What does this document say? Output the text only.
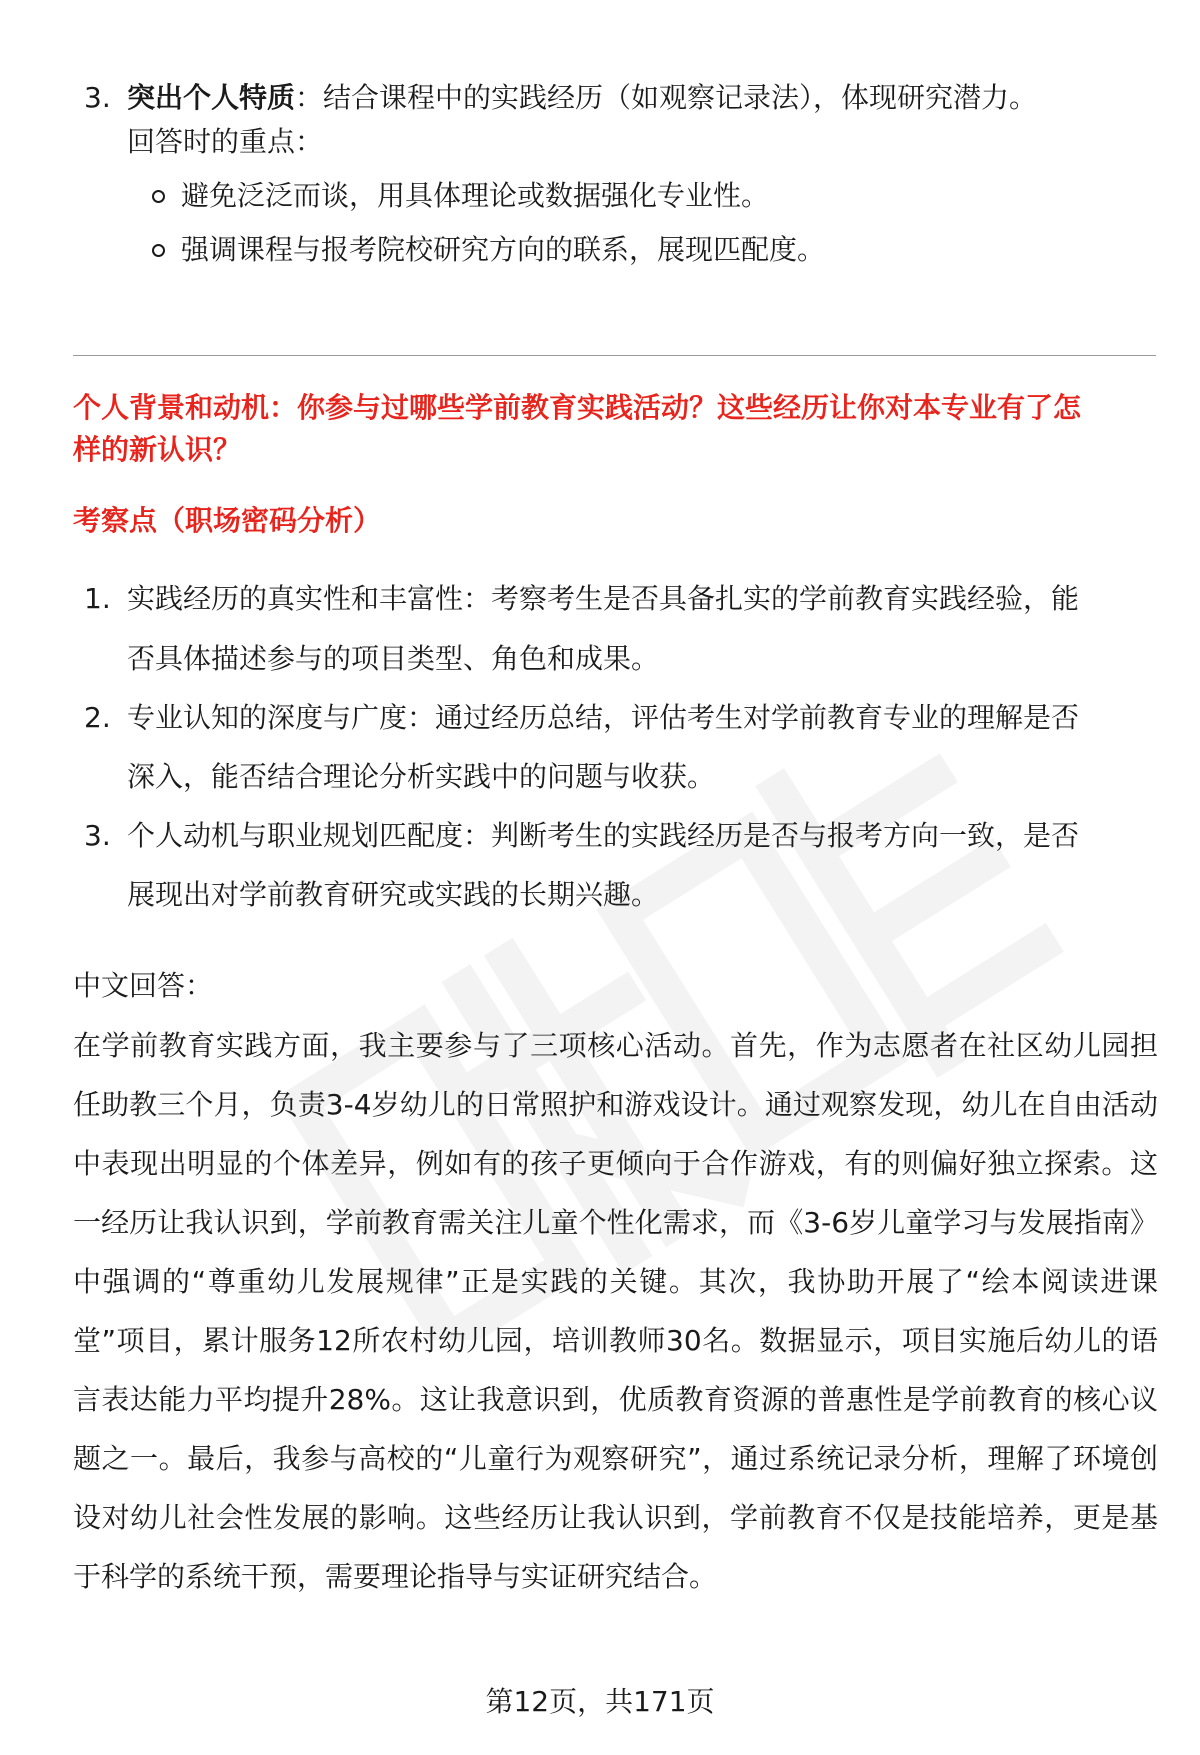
3. 突出个人特质：结合课程中的实践经历（如观察记录法），体现研究潜力。
回答时的重点：
避免泛泛而谈，用具体理论或数据强化专业性。
强调课程与报考院校研究方向的联系，展现匹配度。
个人背景和动机：你参与过哪些学前教育实践活动？这些经历让你对本专业有了怎
样的新认识？
考察点（职场密码分析）
1. 实践经历的真实性和丰富性：考察考生是否具备扎实的学前教育实践经验，能
否具体描述参与的项目类型、角色和成果。
2. 专业认知的深度与广度：通过经历总结，评估考生对学前教育专业的理解是否
深入，能否结合理论分析实践中的问题与收获。
3. 个人动机与职业规划匹配度：判断考生的实践经历是否与报考方向一致，是否
展现出对学前教育研究或实践的长期兴趣。
中文回答：
在学前教育实践方面，我主要参与了三项核心活动。首先，作为志愿者在社区幼儿园担任助教三个月，负责3-4岁幼儿的日常照护和游戏设计。通过观察发现，幼儿在自由活动中表现出明显的个体差异，例如有的孩子更倾向于合作游戏，有的则偏好独立探索。这一经历让我认识到，学前教育需关注儿童个性化需求，而《3-6岁儿童学习与发展指南》中强调的“尊重幼儿发展规律”正是实践的关键。其次，我协助开展了“绘本阅读进课堂”项目，累计服务12所农村幼儿园，培训教师30名。数据显示，项目实施后幼儿的语言表达能力平均提升28%。这让我意识到，优质教育资源的普惠性是学前教育的核心议题之一。最后，我参与高校的“儿童行为观察研究”，通过系统记录分析，理解了环境创设对幼儿社会性发展的影响。这些经历让我认识到，学前教育不仅是技能培养，更是基于科学的系统干预，需要理论指导与实证研究结合。
第12页，共171页
